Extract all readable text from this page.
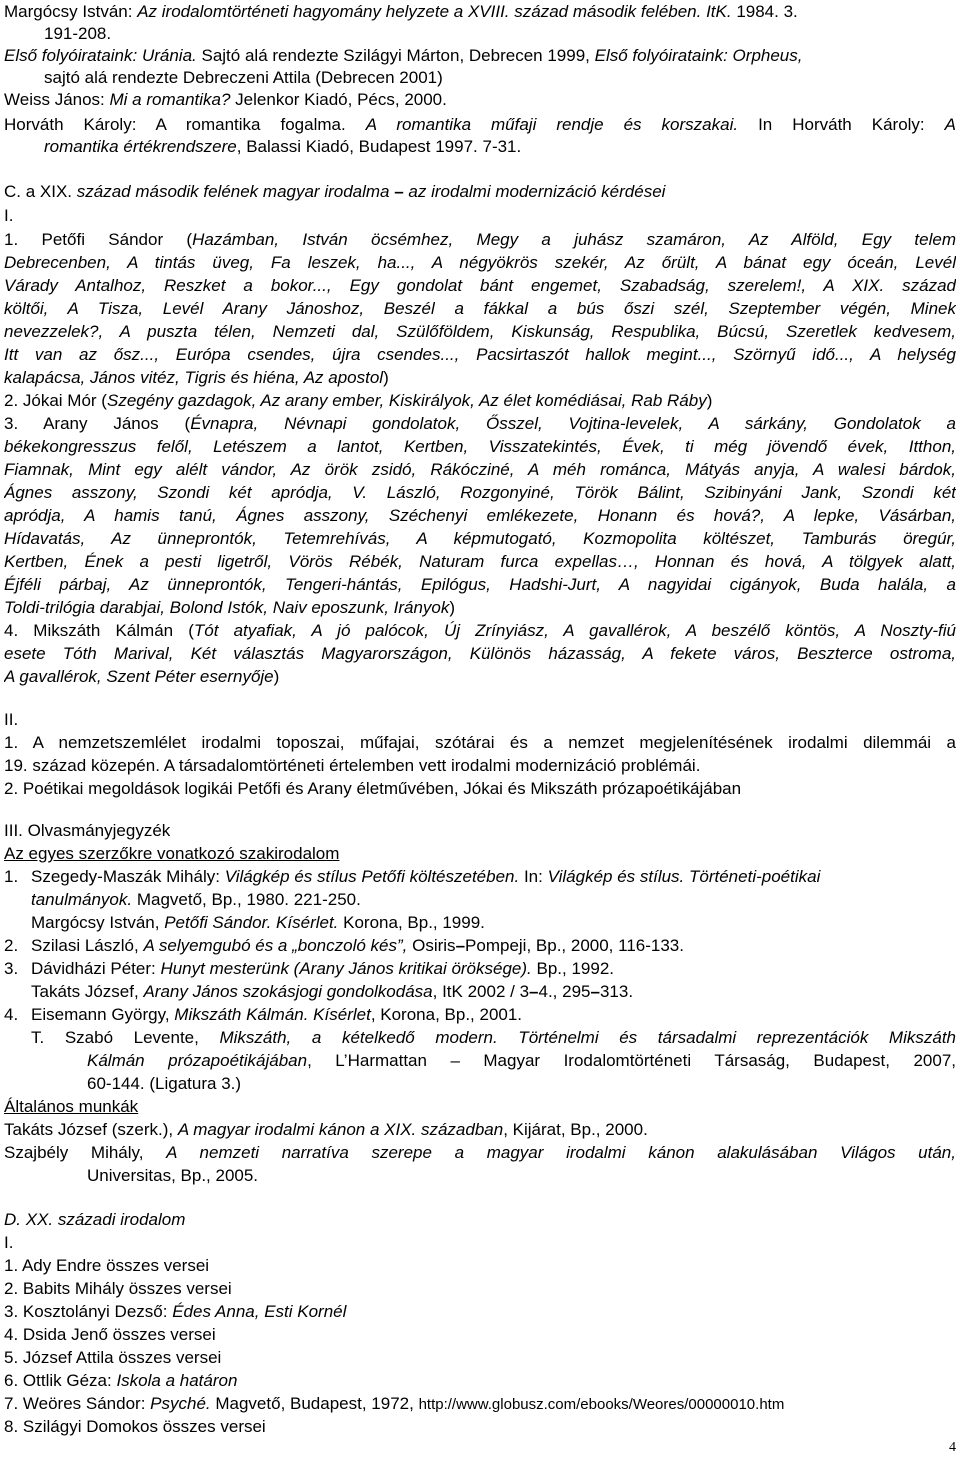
Margócsy István: Az irodalomtörténeti hagyomány helyzete a XVIII. század második felében. ItK. 1984. 3.
191-208.
Első folyóirataink: Uránia. Sajtó alá rendezte Szilágyi Márton, Debrecen 1999, Első folyóirataink: Orpheus,
sajtó alá rendezte Debreczeni Attila (Debrecen 2001)
Weiss János: Mi a romantika? Jelenkor Kiadó, Pécs, 2000.
Horváth Károly: A romantika fogalma. A romantika műfaji rendje és korszakai. In Horváth Károly: A
romantika értékrendszere, Balassi Kiadó, Budapest 1997. 7-31.
C. a XIX. század második felének magyar irodalma – az irodalmi modernizáció kérdései
I.
1. Petőfi Sándor (Hazámban, István öcsémhez, Megy a juhász szamáron, Az Alföld, Egy telem
Debrecenben, A tintás üveg, Fa leszek, ha..., A négyökrös szekér, Az őrült, A bánat egy óceán, Levél
Várady Antalhoz, Reszket a bokor..., Egy gondolat bánt engemet, Szabadság, szerelem!, A XIX. század
költői, A Tisza, Levél Arany Jánoshoz, Beszél a fákkal a bús őszi szél, Szeptember végén, Minek
nevezzelek?, A puszta télen, Nemzeti dal, Szülőföldem, Kiskunság, Respublika, Búcsú, Szeretlek kedvesem,
Itt van az ősz..., Európa csendes, újra csendes..., Pacsirtaszót hallok megint..., Szörnyű idő..., A helység
kalapácsa, János vitéz, Tigris és hiéna, Az apostol)
2. Jókai Mór (Szegény gazdagok, Az arany ember, Kiskirályok, Az élet komédiásai, Rab Ráby)
3. Arany János (Évnapra, Névnapi gondolatok, Ősszel, Vojtina-levelek, A sárkány, Gondolatok a
békekongresszus felől, Letészem a lantot, Kertben, Visszatekintés, Évek, ti még jövendő évek, Itthon,
Fiamnak, Mint egy alélt vándor, Az örök zsidó, Rákócziné, A méh románca, Mátyás anyja, A walesi bárdok,
Ágnes asszony, Szondi két apródja, V. László, Rozgonyiné, Török Bálint, Szibinyáni Jank, Szondi két
apródja, A hamis tanú, Ágnes asszony, Széchenyi emlékezete, Honann és hová?, A lepke, Vásárban,
Hídavatás, Az ünneprontók, Tetemrehívás, A képmutogató, Kozmopolita költészet, Tamburás öregúr,
Kertben, Ének a pesti ligetről, Vörös Rébék, Naturam furca expellas…, Honnan és hová, A tölgyek alatt,
Éjféli párbaj, Az ünneprontók, Tengeri-hántás, Epilógus, Hadshi-Jurt, A nagyidai cigányok, Buda halála, a
Toldi-trilógia darabjai, Bolond Istók, Naiv eposzunk, Irányok)
4. Mikszáth Kálmán (Tót atyafiak, A jó palócok, Új Zrínyiász, A gavallérok, A beszélő köntös, A Noszty-fiú
esete Tóth Marival, Két választás Magyarországon, Különös házasság, A fekete város, Beszterce ostroma,
A gavallérok, Szent Péter esernyője)
II.
1. A nemzetszemlélet irodalmi toposzai, műfajai, szótárai és a nemzet megjelenítésének irodalmi dilemmái a
19. század közepén. A társadalomtörténeti értelemben vett irodalmi modernizáció problémái.
2. Poétikai megoldások logikái Petőfi és Arany életművében, Jókai és Mikszáth prózapoétikájában
III. Olvasmányjegyzék
Az egyes szerzőkre vonatkozó szakirodalom
1. Szegedy-Maszák Mihály: Világkép és stílus Petőfi költészetében. In: Világkép és stílus. Történeti-poétikai
tanulmányok. Magvető, Bp., 1980. 221-250.
Margócsy István, Petőfi Sándor. Kísérlet. Korona, Bp., 1999.
2. Szilasi László, A selyemgubó és a „bonczoló kés”, Osiris–Pompeji, Bp., 2000, 116-133.
3. Dávidházi Péter: Hunyt mesterünk (Arany János kritikai öröksége). Bp., 1992.
Takáts József, Arany János szokásjogi gondolkodása, ItK 2002 / 3–4., 295–313.
4. Eisemann György, Mikszáth Kálmán. Kísérlet, Korona, Bp., 2001.
T. Szabó Levente, Mikszáth, a kételkedő modern. Történelmi és társadalmi reprezentációk Mikszáth
Kálmán prózapoétikájában, L’Harmattan – Magyar Irodalomtörténeti Társaság, Budapest, 2007,
60-144. (Ligatura 3.)
Általános munkák
Takáts József (szerk.), A magyar irodalmi kánon a XIX. században, Kijárat, Bp., 2000.
Szajbély Mihály, A nemzeti narratíva szerepe a magyar irodalmi kánon alakulásában Világos után,
Universitas, Bp., 2005.
D. XX. századi irodalom
I.
1. Ady Endre összes versei
2. Babits Mihály összes versei
3. Kosztolányi Dezső: Édes Anna, Esti Kornél
4. Dsida Jenő összes versei
5. József Attila összes versei
6. Ottlik Géza: Iskola a határon
7. Weöres Sándor: Psyché. Magvető, Budapest, 1972, http://www.globusz.com/ebooks/Weores/00000010.htm
8. Szilágyi Domokos összes versei
4
